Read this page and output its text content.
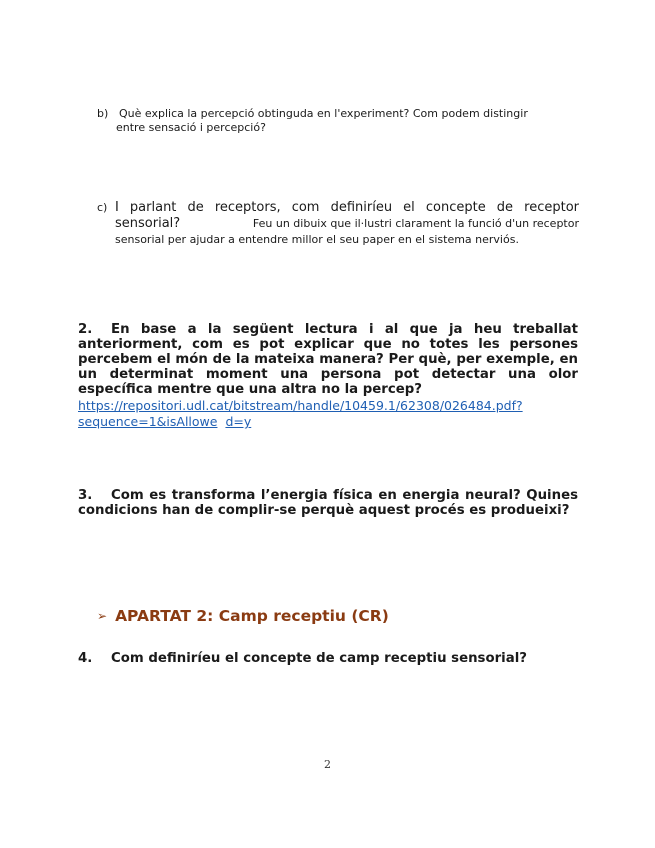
b) Què explica la percepció obtinguda en l'experiment? Com podem distingir
entre sensació i percepció?
c) I parlant de receptors, com definiríeu el concepte de receptor
sensorial?	Feu un dibuix que il·lustri clarament la funció d'un receptor
sensorial per ajudar a entendre millor el seu paper en el sistema nerviós.
2. En base a la següent lectura i al que ja heu treballat anteriorment, com es pot explicar que no totes les persones percebem el món de la mateixa manera? Per què, per exemple, en un determinat moment una persona pot detectar una olor específica mentre que una altra no la percep?
https://repositori.udl.cat/bitstream/handle/10459.1/62308/026484.pdf?
sequence=1&isAllowe d=y
3. Com es transforma l’energia física en energia neural? Quines condicions han de complir-se perquè aquest procés es produeixi?
➢ APARTAT 2: Camp receptiu (CR)
4. Com definiríeu el concepte de camp receptiu sensorial?
2
